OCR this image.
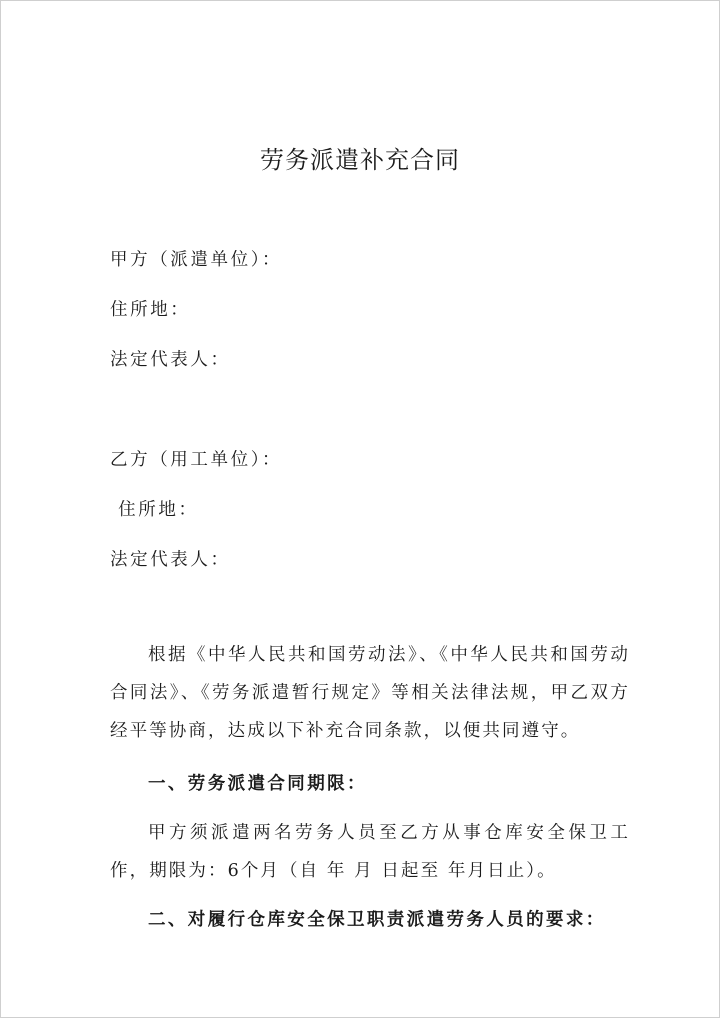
劳务派遣补充合同
甲方（派遣单位）：
住所地：
法定代表人：
乙方（用工单位）：
住所地：
法定代表人：
根据《中华人民共和国劳动法》、《中华人民共和国劳动合同法》、《劳务派遣暂行规定》等相关法律法规，甲乙双方经平等协商，达成以下补充合同条款，以便共同遵守。
一、劳务派遣合同期限：
甲方须派遣两名劳务人员至乙方从事仓库安全保卫工作，期限为：6个月（自 年 月 日起至 年月日止）。
二、对履行仓库安全保卫职责派遣劳务人员的要求：
